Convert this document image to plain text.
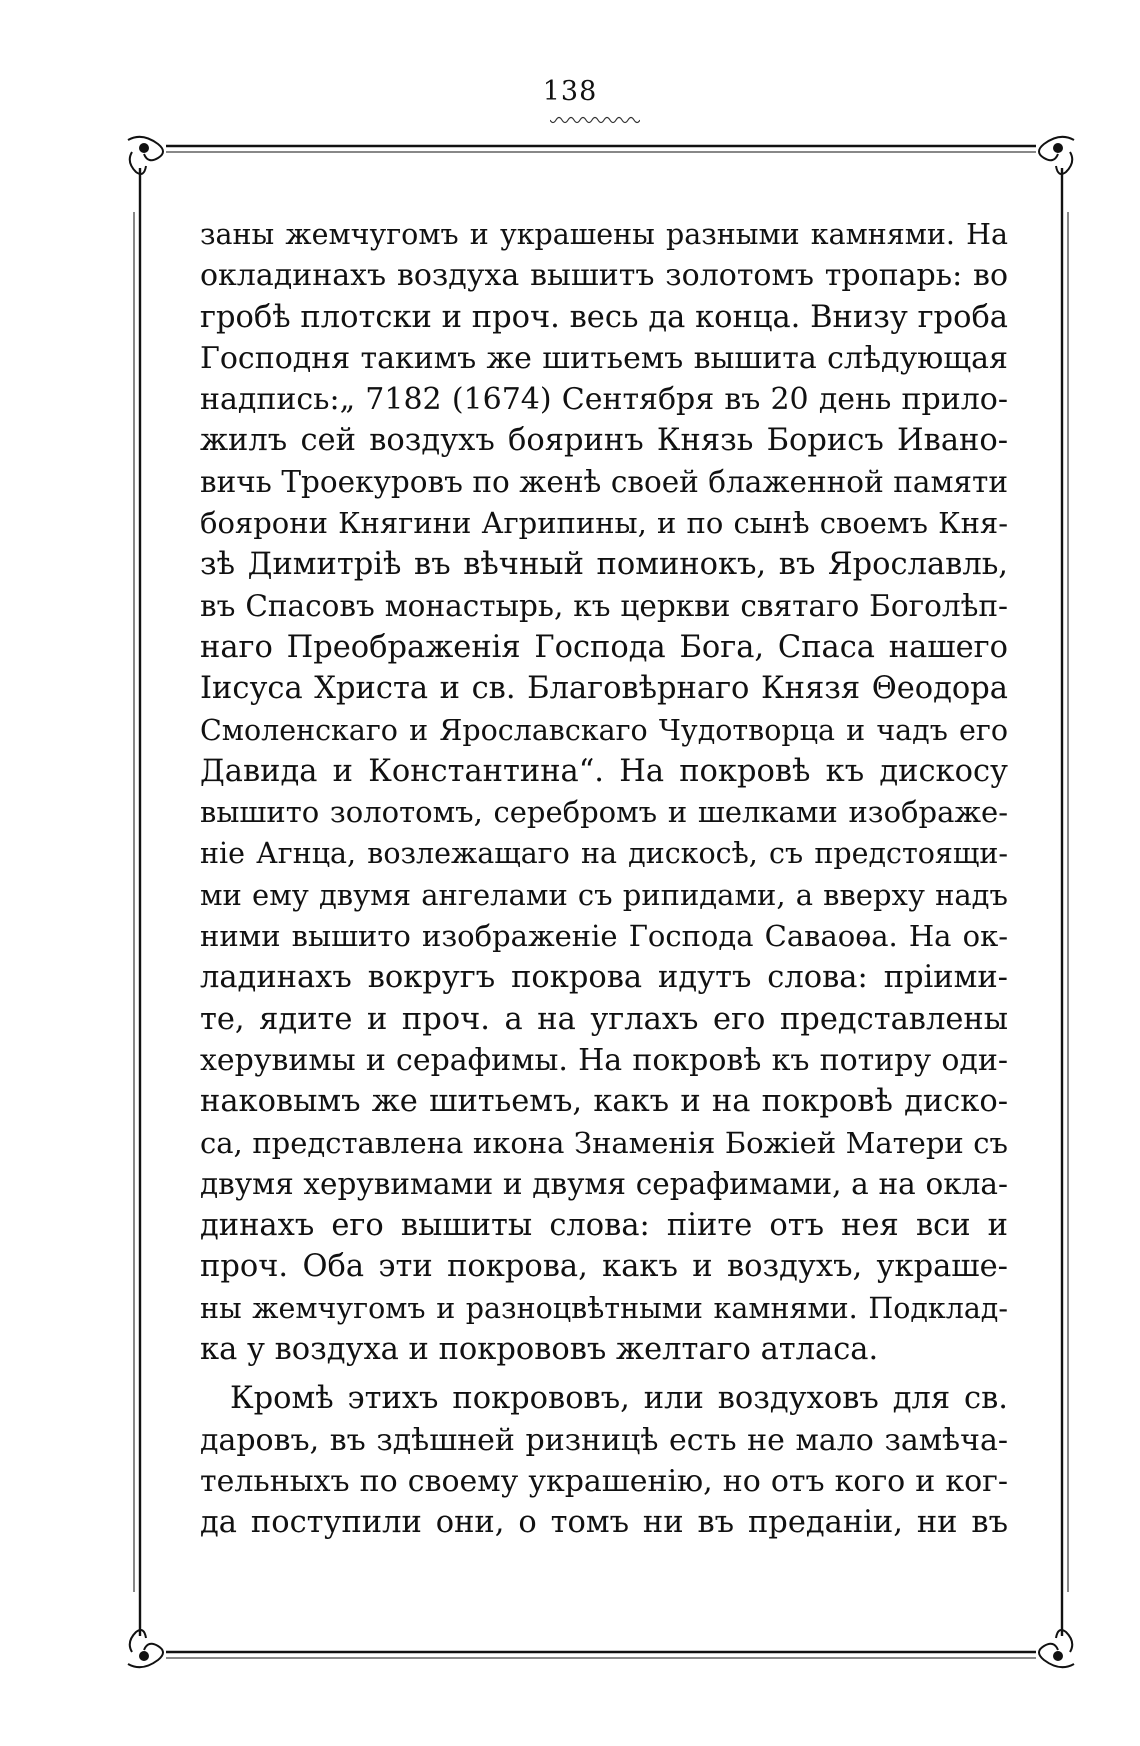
138
заны жемчугомъ и украшены разными камнями. На
окладинахъ воздуха вышитъ золотомъ тропарь: во
гробѣ плотски и проч. весь да конца. Внизу гроба
Господня такимъ же шитьемъ вышита слѣдующая
надпись:„ 7182 (1674) Сентября въ 20 день прило-
жилъ сей воздухъ бояринъ Князь Борисъ Ивано-
вичь Троекуровъ по женѣ своей блаженной памяти
боярони Княгини Агрипины, и по сынѣ своемъ Кня-
зѣ Димитріѣ въ вѣчный поминокъ, въ Ярославль,
въ Спасовъ монастырь, къ церкви святаго Боголѣп-
наго Преображенія Господа Бога, Спаса нашего
Іисуса Христа и св. Благовѣрнаго Князя Θеодора
Смоленскаго и Ярославскаго Чудотворца и чадъ его
Давида и Константина“. На покровѣ къ дискосу
вышито золотомъ, серебромъ и шелками изображе-
ніе Агнца, возлежащаго на дискосѣ, съ предстоящи-
ми ему двумя ангелами съ рипидами, а вверху надъ
ними вышито изображеніе Господа Саваоѳа. На ок-
ладинахъ вокругъ покрова идутъ слова: пріими-
те, ядите и проч. а на углахъ его представлены
херувимы и серафимы. На покровѣ къ потиру оди-
наковымъ же шитьемъ, какъ и на покровѣ диско-
са, представлена икона Знаменія Божіей Матери съ
двумя херувимами и двумя серафимами, а на окла-
динахъ его вышиты слова: піите отъ нея вси и
проч. Оба эти покрова, какъ и воздухъ, украше-
ны жемчугомъ и разноцвѣтными камнями. Подклад-
ка у воздуха и покрововъ желтаго атласа.
Кромѣ этихъ покрововъ, или воздуховъ для св.
даровъ, въ здѣшней ризницѣ есть не мало замѣча-
тельныхъ по своему украшенію, но отъ кого и ког-
да поступили они, о томъ ни въ преданіи, ни въ
